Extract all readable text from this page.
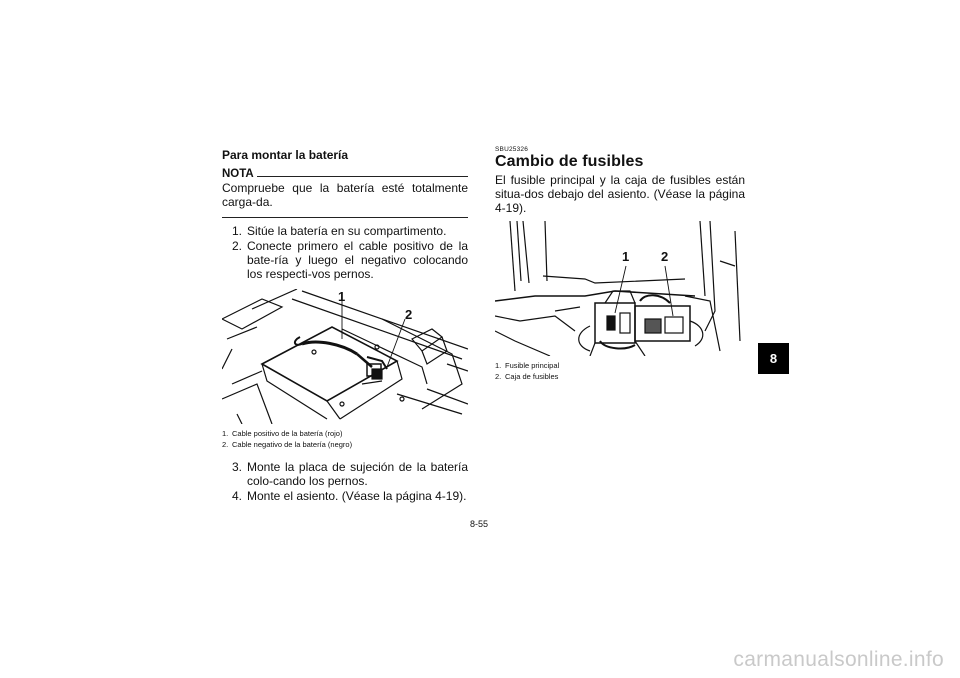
Para montar la batería
NOTA
Compruebe que la batería esté totalmente carga-da.
1. Sitúe la batería en su compartimento.
2. Conecte primero el cable positivo de la bate-ría y luego el negativo colocando los respecti-vos pernos.
1
2
1. Cable positivo de la batería (rojo)
2. Cable negativo de la batería (negro)
3. Monte la placa de sujeción de la batería colo-cando los pernos.
4. Monte el asiento. (Véase la página 4-19).
SBU25326
Cambio de fusibles
El fusible principal y la caja de fusibles están situa-dos debajo del asiento. (Véase la página 4-19).
1 2
1. Fusible principal
2. Caja de fusibles
8
8-55
carmanualsonline.info
